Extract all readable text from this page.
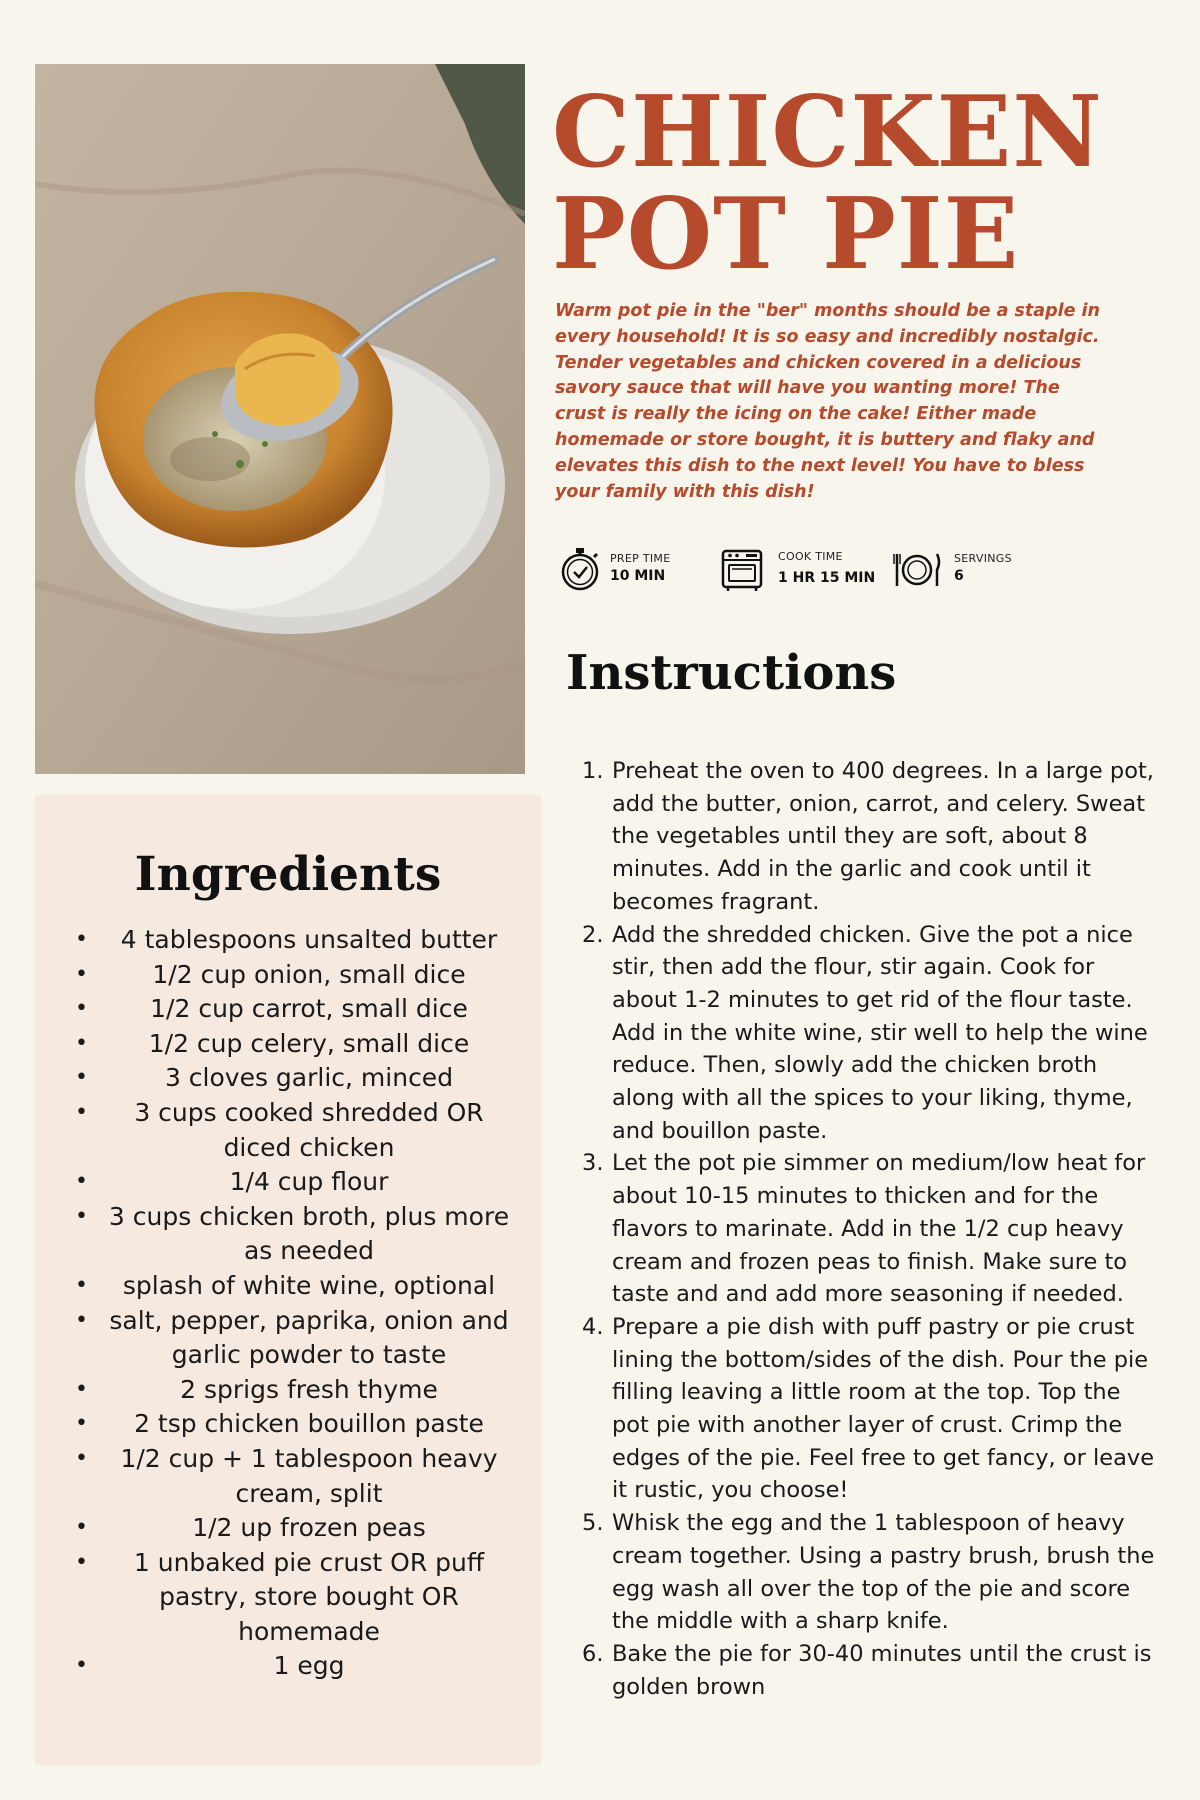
CHICKEN
POT PIE

Warm pot pie in the "ber" months should be a staple in every household! It is so easy and incredibly nostalgic. Tender vegetables and chicken covered in a delicious savory sauce that will have you wanting more! The crust is really the icing on the cake! Either made homemade or store bought, it is buttery and flaky and elevates this dish to the next level! You have to bless your family with this dish!

PREP TIME
10 MIN
COOK TIME
1 HR 15 MIN
SERVINGS
6
Instructions
Ingredients
• 4 tablespoons unsalted butter
• 1/2 cup onion, small dice
• 1/2 cup carrot, small dice
• 1/2 cup celery, small dice
• 3 cloves garlic, minced
• 3 cups cooked shredded OR diced chicken
• 1/4 cup flour
• 3 cups chicken broth, plus more as needed
• splash of white wine, optional
• salt, pepper, paprika, onion and garlic powder to taste
• 2 sprigs fresh thyme
• 2 tsp chicken bouillon paste
• 1/2 cup + 1 tablespoon heavy cream, split
• 1/2 up frozen peas
• 1 unbaked pie crust OR puff pastry, store bought OR homemade
• 1 egg
1. Preheat the oven to 400 degrees. In a large pot, add the butter, onion, carrot, and celery. Sweat the vegetables until they are soft, about 8 minutes. Add in the garlic and cook until it becomes fragrant.
2. Add the shredded chicken. Give the pot a nice stir, then add the flour, stir again. Cook for about 1-2 minutes to get rid of the flour taste. Add in the white wine, stir well to help the wine reduce. Then, slowly add the chicken broth along with all the spices to your liking, thyme, and bouillon paste.
3. Let the pot pie simmer on medium/low heat for about 10-15 minutes to thicken and for the flavors to marinate. Add in the 1/2 cup heavy cream and frozen peas to finish. Make sure to taste and and add more seasoning if needed.
4. Prepare a pie dish with puff pastry or pie crust lining the bottom/sides of the dish. Pour the pie filling leaving a little room at the top. Top the pot pie with another layer of crust. Crimp the edges of the pie. Feel free to get fancy, or leave it rustic, you choose!
5. Whisk the egg and the 1 tablespoon of heavy cream together. Using a pastry brush, brush the egg wash all over the top of the pie and score the middle with a sharp knife.
6. Bake the pie for 30-40 minutes until the crust is golden brown
